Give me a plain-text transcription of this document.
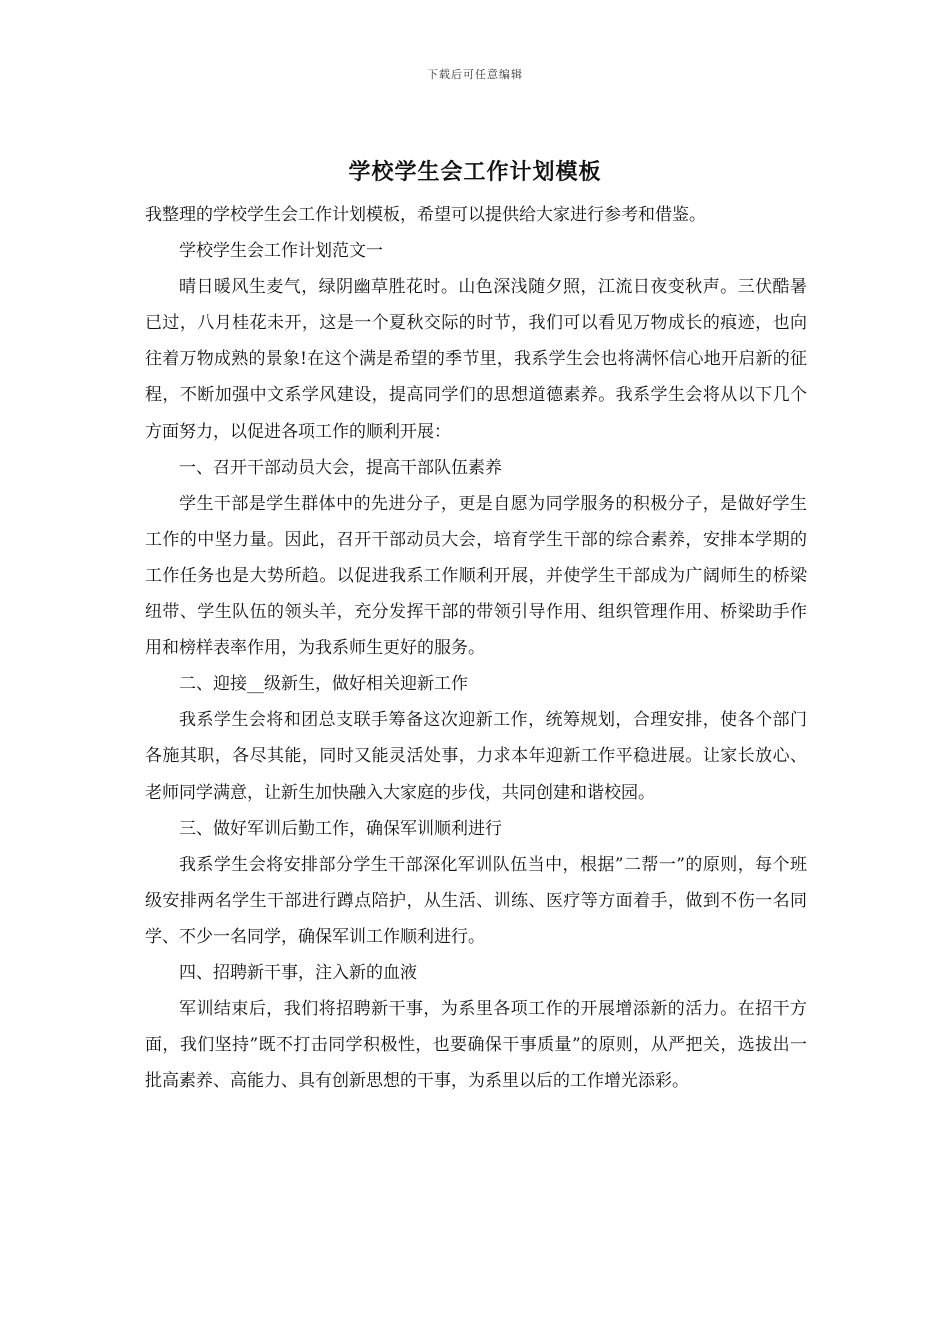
下载后可任意编辑
学校学生会工作计划模板

我整理的学校学生会工作计划模板，希望可以提供给大家进行参考和借鉴。

学校学生会工作计划范文一

晴日暖风生麦气，绿阴幽草胜花时。山色深浅随夕照，江流日夜变秋声。三伏酷暑已过，八月桂花未开，这是一个夏秋交际的时节，我们可以看见万物成长的痕迹，也向往着万物成熟的景象!在这个满是希望的季节里，我系学生会也将满怀信心地开启新的征程，不断加强中文系学风建设，提高同学们的思想道德素养。我系学生会将从以下几个方面努力，以促进各项工作的顺利开展：

一、召开干部动员大会，提高干部队伍素养

学生干部是学生群体中的先进分子，更是自愿为同学服务的积极分子，是做好学生工作的中坚力量。因此，召开干部动员大会，培育学生干部的综合素养，安排本学期的工作任务也是大势所趋。以促进我系工作顺利开展，并使学生干部成为广阔师生的桥梁纽带、学生队伍的领头羊，充分发挥干部的带领引导作用、组织管理作用、桥梁助手作用和榜样表率作用，为我系师生更好的服务。

二、迎接__级新生，做好相关迎新工作

我系学生会将和团总支联手筹备这次迎新工作，统筹规划，合理安排，使各个部门各施其职，各尽其能，同时又能灵活处事，力求本年迎新工作平稳进展。让家长放心、老师同学满意，让新生加快融入大家庭的步伐，共同创建和谐校园。

三、做好军训后勤工作，确保军训顺利进行

我系学生会将安排部分学生干部深化军训队伍当中，根据”二帮一”的原则，每个班级安排两名学生干部进行蹲点陪护，从生活、训练、医疗等方面着手，做到不伤一名同学、不少一名同学，确保军训工作顺利进行。

四、招聘新干事，注入新的血液

军训结束后，我们将招聘新干事，为系里各项工作的开展增添新的活力。在招干方面，我们坚持”既不打击同学积极性，也要确保干事质量”的原则，从严把关，选拔出一批高素养、高能力、具有创新思想的干事，为系里以后的工作增光添彩。
